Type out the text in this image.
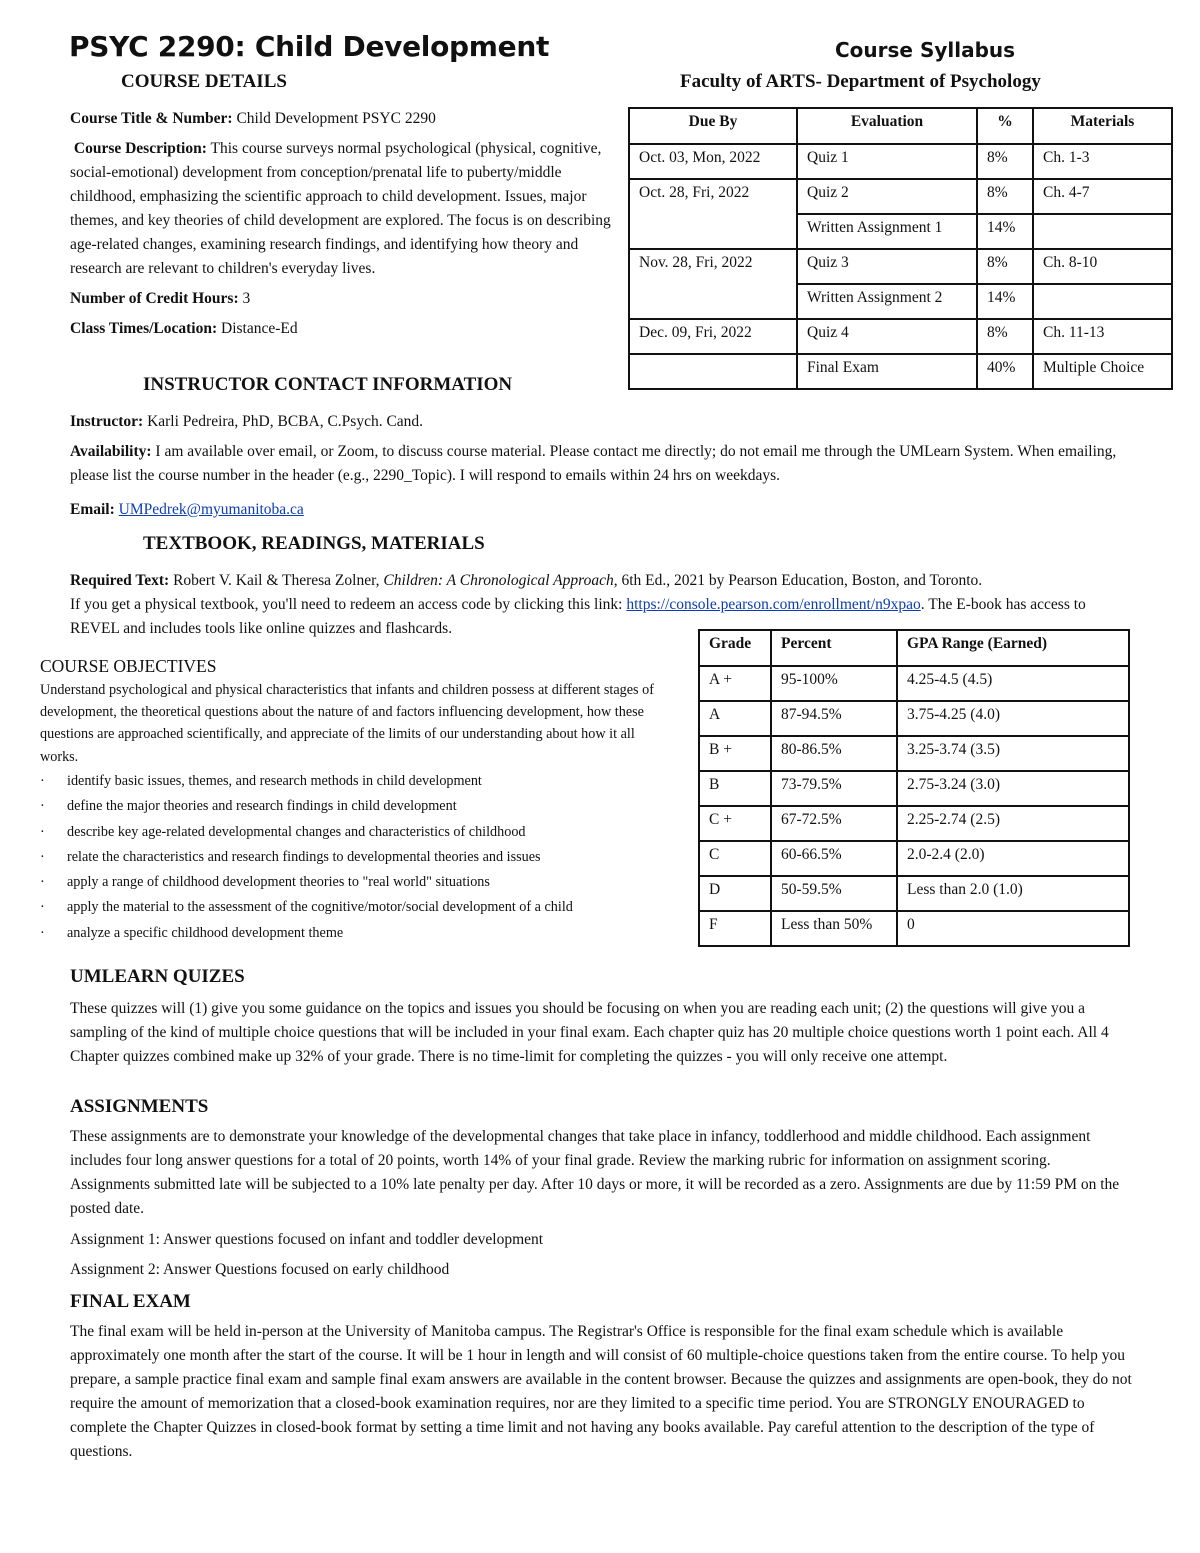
PSYC 2290: Child Development	Course Syllabus
Faculty of ARTS- Department of Psychology
COURSE DETAILS
Course Title & Number: Child Development PSYC 2290
Course Description: This course surveys normal psychological (physical, cognitive, social-emotional) development from conception/prenatal life to puberty/middle childhood, emphasizing the scientific approach to child development. Issues, major themes, and key theories of child development are explored. The focus is on describing age-related changes, examining research findings, and identifying how theory and research are relevant to children's everyday lives.
Number of Credit Hours: 3
Class Times/Location: Distance-Ed
Due By	Evaluation	%	Materials
Oct. 03, Mon, 2022	Quiz 1	8%	Ch. 1-3
Oct. 28, Fri, 2022	Quiz 2	8%	Ch. 4-7
	Written Assignment 1	14%	
Nov. 28, Fri, 2022	Quiz 3	8%	Ch. 8-10
	Written Assignment 2	14%	
Dec. 09, Fri, 2022	Quiz 4	8%	Ch. 11-13
	Final Exam	40%	Multiple Choice
INSTRUCTOR CONTACT INFORMATION
Instructor: Karli Pedreira, PhD, BCBA, C.Psych. Cand.
Availability: I am available over email, or Zoom, to discuss course material. Please contact me directly; do not email me through the UMLearn System. When emailing, please list the course number in the header (e.g., 2290_Topic). I will respond to emails within 24 hrs on weekdays.
Email: UMPedrek@myumanitoba.ca
TEXTBOOK, READINGS, MATERIALS
Required Text: Robert V. Kail & Theresa Zolner, Children: A Chronological Approach, 6th Ed., 2021 by Pearson Education, Boston, and Toronto.
If you get a physical textbook, you'll need to redeem an access code by clicking this link: https://console.pearson.com/enrollment/n9xpao. The E-book has access to REVEL and includes tools like online quizzes and flashcards.
Grade	Percent	GPA Range (Earned)
A +	95-100%	4.25-4.5 (4.5)
A	87-94.5%	3.75-4.25 (4.0)
B +	80-86.5%	3.25-3.74 (3.5)
B	73-79.5%	2.75-3.24 (3.0)
C +	67-72.5%	2.25-2.74 (2.5)
C	60-66.5%	2.0-2.4 (2.0)
D	50-59.5%	Less than 2.0 (1.0)
F	Less than 50%	0
COURSE OBJECTIVES
Understand psychological and physical characteristics that infants and children possess at different stages of development, the theoretical questions about the nature of and factors influencing development, how these questions are approached scientifically, and appreciate of the limits of our understanding about how it all works.
· identify basic issues, themes, and research methods in child development
· define the major theories and research findings in child development
· describe key age-related developmental changes and characteristics of childhood
· relate the characteristics and research findings to developmental theories and issues
· apply a range of childhood development theories to "real world" situations
· apply the material to the assessment of the cognitive/motor/social development of a child
· analyze a specific childhood development theme
UMLEARN QUIZES
These quizzes will (1) give you some guidance on the topics and issues you should be focusing on when you are reading each unit; (2) the questions will give you a sampling of the kind of multiple choice questions that will be included in your final exam. Each chapter quiz has 20 multiple choice questions worth 1 point each. All 4 Chapter quizzes combined make up 32% of your grade. There is no time-limit for completing the quizzes - you will only receive one attempt.
ASSIGNMENTS
These assignments are to demonstrate your knowledge of the developmental changes that take place in infancy, toddlerhood and middle childhood. Each assignment includes four long answer questions for a total of 20 points, worth 14% of your final grade. Review the marking rubric for information on assignment scoring. Assignments submitted late will be subjected to a 10% late penalty per day. After 10 days or more, it will be recorded as a zero. Assignments are due by 11:59 PM on the posted date.
Assignment 1: Answer questions focused on infant and toddler development
Assignment 2: Answer Questions focused on early childhood
FINAL EXAM
The final exam will be held in-person at the University of Manitoba campus. The Registrar's Office is responsible for the final exam schedule which is available approximately one month after the start of the course. It will be 1 hour in length and will consist of 60 multiple-choice questions taken from the entire course. To help you prepare, a sample practice final exam and sample final exam answers are available in the content browser. Because the quizzes and assignments are open-book, they do not require the amount of memorization that a closed-book examination requires, nor are they limited to a specific time period. You are STRONGLY ENOURAGED to complete the Chapter Quizzes in closed-book format by setting a time limit and not having any books available. Pay careful attention to the description of the type of questions.
